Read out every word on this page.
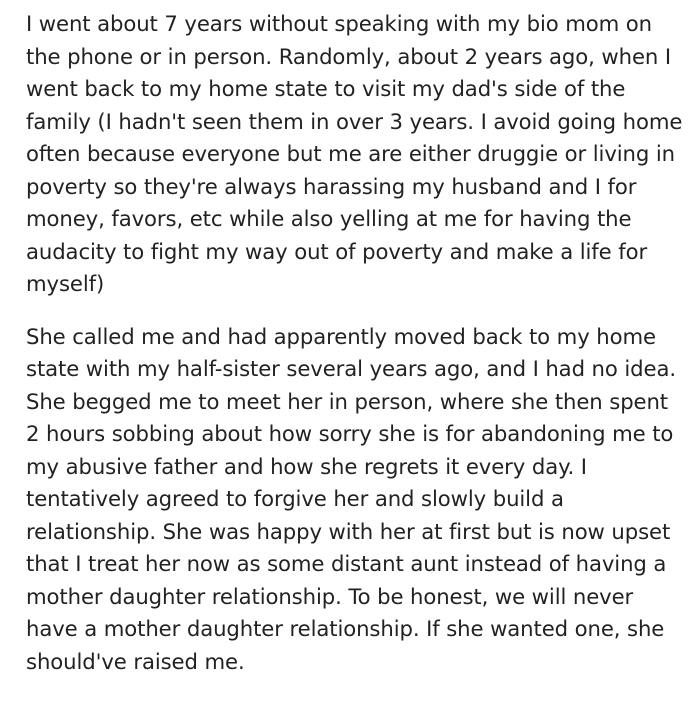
I went about 7 years without speaking with my bio mom on
the phone or in person. Randomly, about 2 years ago, when I
went back to my home state to visit my dad's side of the
family (I hadn't seen them in over 3 years. I avoid going home
often because everyone but me are either druggie or living in
poverty so they're always harassing my husband and I for
money, favors, etc while also yelling at me for having the
audacity to fight my way out of poverty and make a life for
myself)

She called me and had apparently moved back to my home
state with my half-sister several years ago, and I had no idea.
She begged me to meet her in person, where she then spent
2 hours sobbing about how sorry she is for abandoning me to
my abusive father and how she regrets it every day. I
tentatively agreed to forgive her and slowly build a
relationship. She was happy with her at first but is now upset
that I treat her now as some distant aunt instead of having a
mother daughter relationship. To be honest, we will never
have a mother daughter relationship. If she wanted one, she
should've raised me.
